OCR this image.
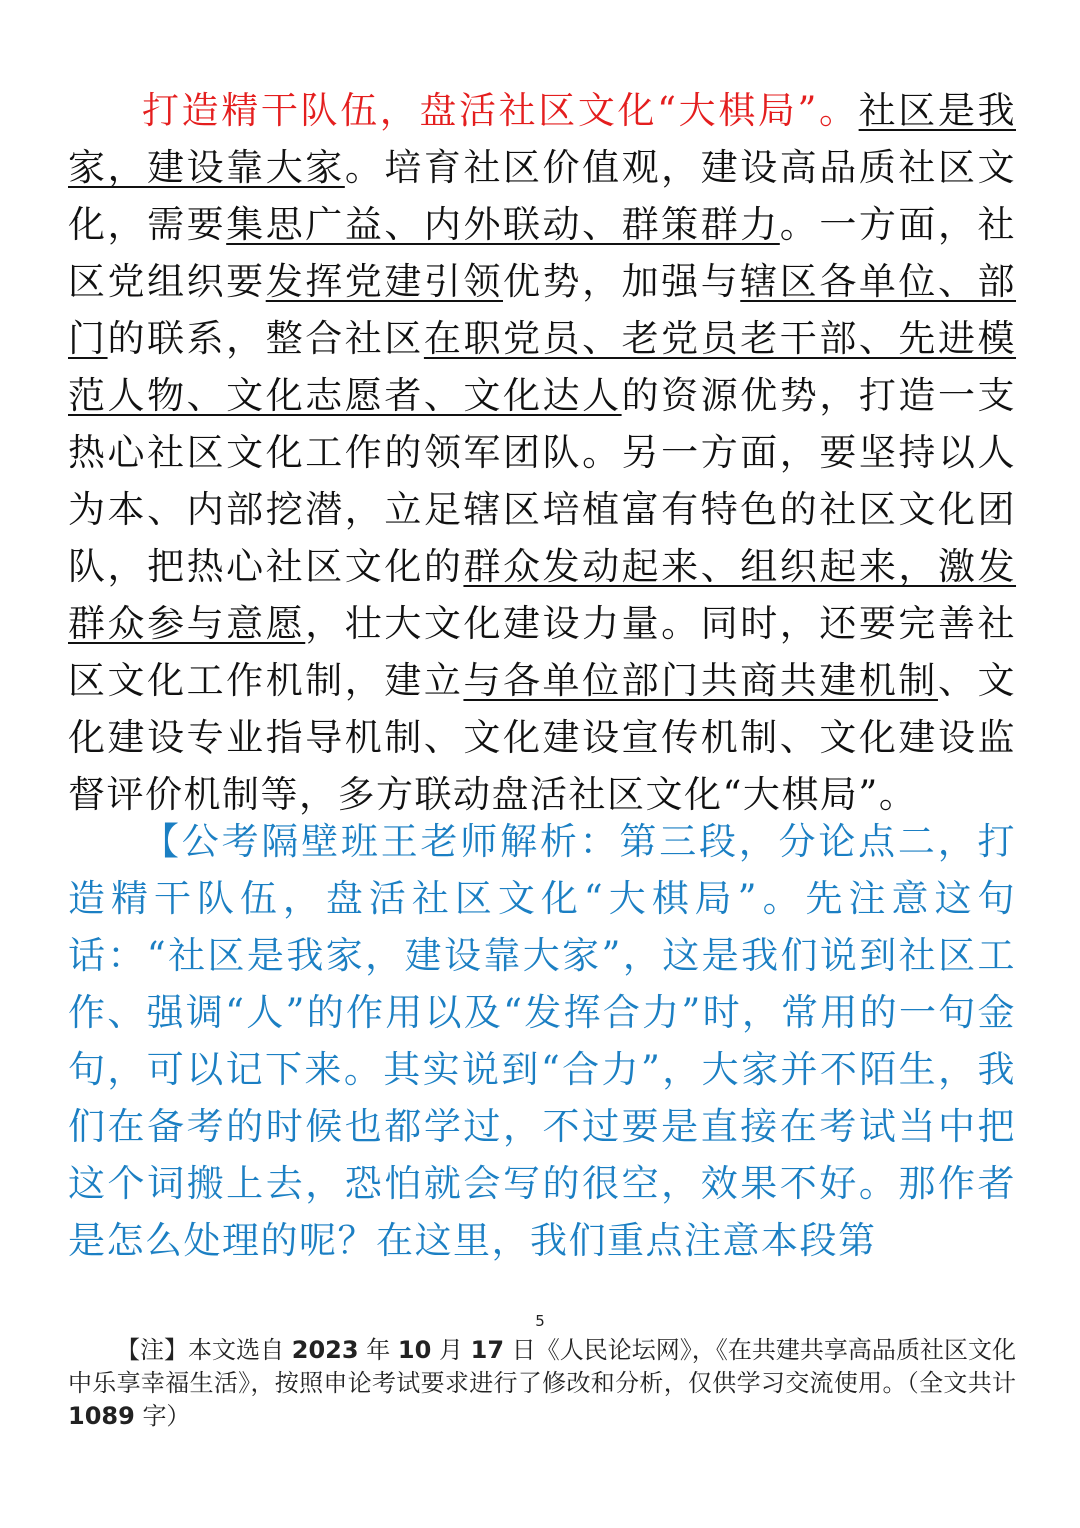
打造精干队伍，盘活社区文化“大棋局”。社区是我家，建设靠大家。培育社区价值观，建设高品质社区文化，需要集思广益、内外联动、群策群力。一方面，社区党组织要发挥党建引领优势，加强与辖区各单位、部门的联系，整合社区在职党员、老党员老干部、先进模范人物、文化志愿者、文化达人的资源优势，打造一支热心社区文化工作的领军团队。另一方面，要坚持以人为本、内部挖潜，立足辖区培植富有特色的社区文化团队，把热心社区文化的群众发动起来、组织起来，激发群众参与意愿，壮大文化建设力量。同时，还要完善社区文化工作机制，建立与各单位部门共商共建机制、文化建设专业指导机制、文化建设宣传机制、文化建设监督评价机制等，多方联动盘活社区文化“大棋局”。

【公考隔壁班王老师解析：第三段，分论点二，打造精干队伍，盘活社区文化“大棋局”。先注意这句话：“社区是我家，建设靠大家”，这是我们说到社区工作、强调“人”的作用以及“发挥合力”时，常用的一句金句，可以记下来。其实说到“合力”，大家并不陌生，我们在备考的时候也都学过，不过要是直接在考试当中把这个词搬上去，恐怕就会写的很空，效果不好。那作者是怎么处理的呢？在这里，我们重点注意本段第

5

【注】本文选自 2023 年 10 月 17 日《人民论坛网》，《在共建共享高品质社区文化中乐享幸福生活》，按照申论考试要求进行了修改和分析，仅供学习交流使用。（全文共计 1089 字）
